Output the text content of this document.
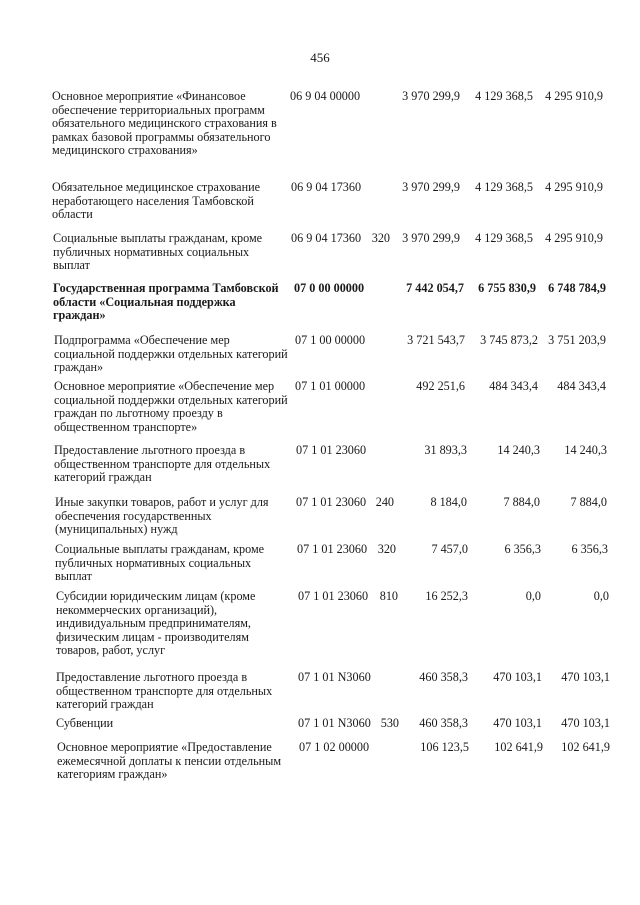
456
Основное мероприятие «Финансовое обеспечение территориальных программ обязательного медицинского страхования в рамках базовой программы обязательного медицинского страхования»
06 9 04 00000	3 970 299,9 4 129 368,5 4 295 910,9
Обязательное медицинское страхование неработающего населения Тамбовской области
06 9 04 17360	3 970 299,9 4 129 368,5 4 295 910,9
Социальные выплаты гражданам, кроме публичных нормативных социальных выплат
06 9 04 17360 320 3 970 299,9 4 129 368,5 4 295 910,9
Государственная программа Тамбовской области «Социальная поддержка граждан»
07 0 00 00000	7 442 054,7 6 755 830,9 6 748 784,9
Подпрограмма «Обеспечение мер социальной поддержки отдельных категорий граждан»
07 1 00 00000	3 721 543,7 3 745 873,2 3 751 203,9
Основное мероприятие «Обеспечение мер социальной поддержки отдельных категорий граждан по льготному проезду в общественном транспорте»
07 1 01 00000	492 251,6 484 343,4 484 343,4
Предоставление льготного проезда в общественном транспорте для отдельных категорий граждан
07 1 01 23060	31 893,3 14 240,3 14 240,3
Иные закупки товаров, работ и услуг для обеспечения государственных (муниципальных) нужд
07 1 01 23060 240	8 184,0	7 884,0 7 884,0
Социальные выплаты гражданам, кроме публичных нормативных социальных выплат
07 1 01 23060 320	7 457,0	6 356,3 6 356,3
Субсидии юридическим лицам (кроме некоммерческих организаций), индивидуальным предпринимателям, физическим лицам - производителям товаров, работ, услуг
07 1 01 23060 810 16 252,3	0,0	0,0
Предоставление льготного проезда в общественном транспорте для отдельных категорий граждан
07 1 01 N3060	460 358,3 470 103,1 470 103,1
Субвенции	07 1 01 N3060 530 460 358,3 470 103,1 470 103,1
Основное мероприятие «Предоставление ежемесячной доплаты к пенсии отдельным категориям граждан»
07 1 02 00000	106 123,5 102 641,9 102 641,9
